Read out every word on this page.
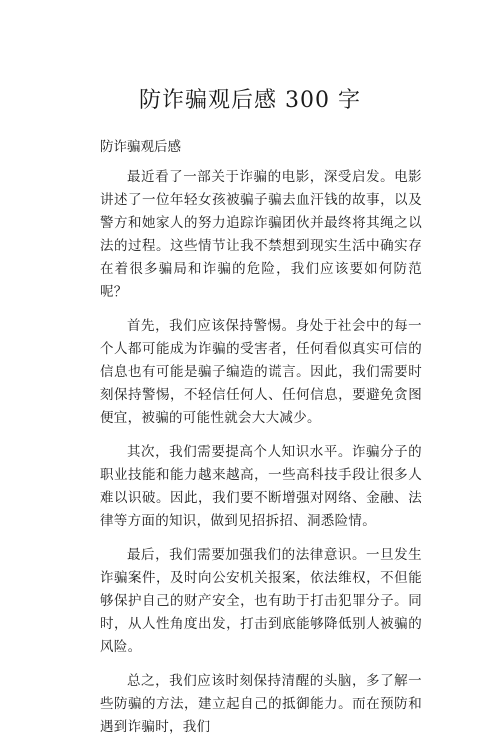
防诈骗观后感 300 字

防诈骗观后感

最近看了一部关于诈骗的电影，深受启发。电影讲述了一位年轻女孩被骗子骗去血汗钱的故事，以及警方和她家人的努力追踪诈骗团伙并最终将其绳之以法的过程。这些情节让我不禁想到现实生活中确实存在着很多骗局和诈骗的危险，我们应该要如何防范呢？

首先，我们应该保持警惕。身处于社会中的每一个人都可能成为诈骗的受害者，任何看似真实可信的信息也有可能是骗子编造的谎言。因此，我们需要时刻保持警惕，不轻信任何人、任何信息，要避免贪图便宜，被骗的可能性就会大大减少。

其次，我们需要提高个人知识水平。诈骗分子的职业技能和能力越来越高，一些高科技手段让很多人难以识破。因此，我们要不断增强对网络、金融、法律等方面的知识，做到见招拆招、洞悉险情。

最后，我们需要加强我们的法律意识。一旦发生诈骗案件，及时向公安机关报案，依法维权，不但能够保护自己的财产安全，也有助于打击犯罪分子。同时，从人性角度出发，打击到底能够降低别人被骗的风险。

总之，我们应该时刻保持清醒的头脑，多了解一些防骗的方法，建立起自己的抵御能力。而在预防和遇到诈骗时，我们
